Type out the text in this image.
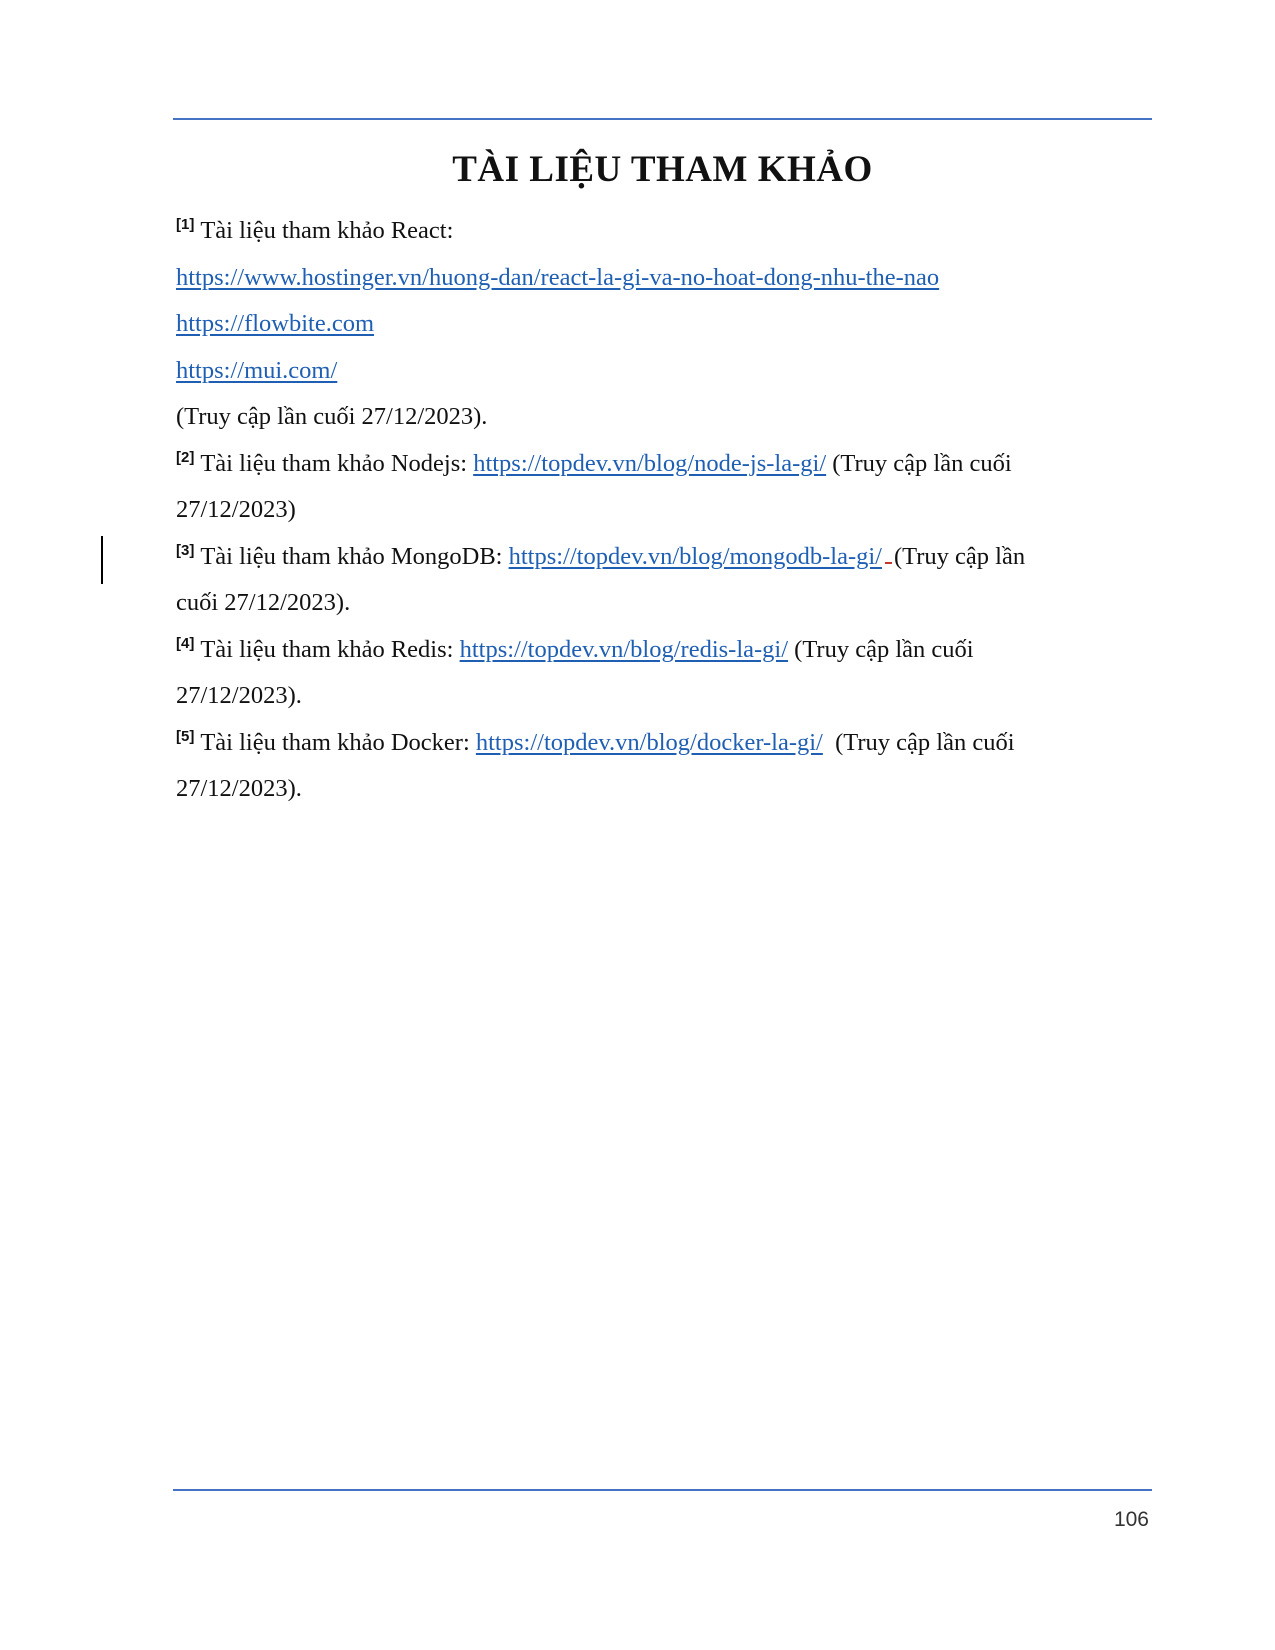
TÀI LIỆU THAM KHẢO
[1] Tài liệu tham khảo React:
https://www.hostinger.vn/huong-dan/react-la-gi-va-no-hoat-dong-nhu-the-nao
https://flowbite.com
https://mui.com/
(Truy cập lần cuối 27/12/2023).
[2] Tài liệu tham khảo Nodejs: https://topdev.vn/blog/node-js-la-gi/ (Truy cập lần cuối
27/12/2023)
[3] Tài liệu tham khảo MongoDB: https://topdev.vn/blog/mongodb-la-gi/ (Truy cập lần
cuối 27/12/2023).
[4] Tài liệu tham khảo Redis: https://topdev.vn/blog/redis-la-gi/ (Truy cập lần cuối
27/12/2023).
[5] Tài liệu tham khảo Docker: https://topdev.vn/blog/docker-la-gi/ (Truy cập lần cuối
27/12/2023).
106
